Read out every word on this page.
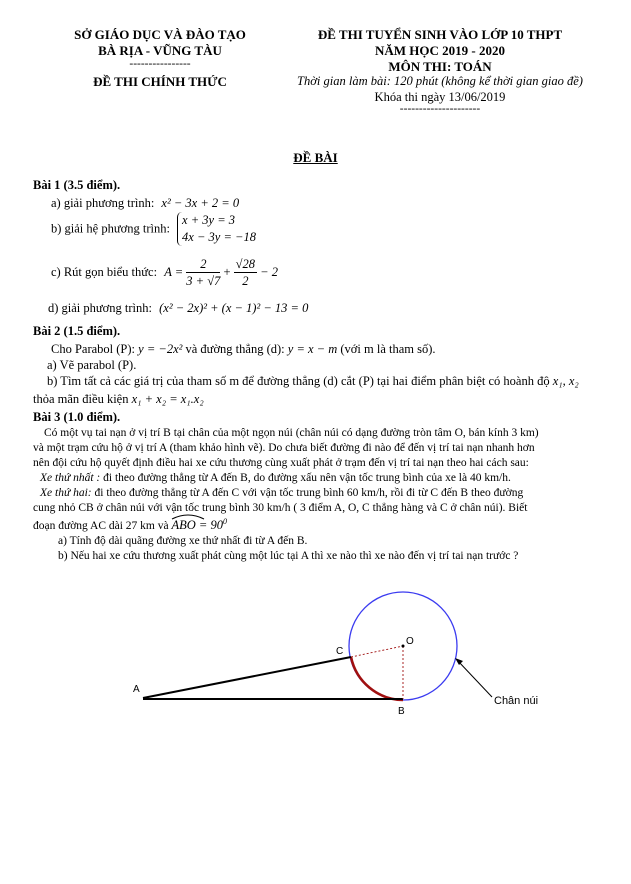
SỞ GIÁO DỤC VÀ ĐÀO TẠO
BÀ RỊA - VŨNG TÀU
----------------
ĐỀ THI CHÍNH THỨC
ĐỀ THI TUYỂN SINH VÀO LỚP 10 THPT
NĂM HỌC 2019 - 2020
MÔN THI: TOÁN
Thời gian làm bài: 120 phút (không kể thời gian giao đề)
Khóa thi ngày 13/06/2019
---------------------
ĐỀ BÀI
Bài 1 (3.5 điểm).
a) giải phương trình: x² − 3x + 2 = 0
b) giải hệ phương trình:
x + 3y = 3
4x − 3y = −18
c) Rút gọn biểu thức: $A = \frac{2}{3 + √7} + \frac{√28}{2} - 2$
d) giải phương trình: (x² − 2x)² + (x − 1)² − 13 = 0
Bài 2 (1.5 điểm).
Cho Parabol (P): y = −2x² và đường thẳng (d): y = x − m (với m là tham số).
a) Vẽ parabol (P).
b) Tìm tất cả các giá trị của tham số m để đường thẳng (d) cắt (P) tại hai điểm phân biệt có hoành độ x₁, x₂
thỏa mãn điều kiện x₁ + x₂ = x₁.x₂
Bài 3 (1.0 điểm).
Có một vụ tai nạn ở vị trí B tại chân của một ngọn núi (chân núi có dạng đường tròn tâm O, bán kính 3 km)
và một trạm cứu hộ ở vị trí A (tham khảo hình vẽ). Do chưa biết đường đi nào để đến vị trí tai nạn nhanh hơn
nên đội cứu hộ quyết định điều hai xe cứu thương cùng xuất phát ở trạm đến vị trí tai nạn theo hai cách sau:
Xe thứ nhất : đi theo đường thẳng từ A đến B, do đường xấu nên vận tốc trung bình của xe là 40 km/h.
Xe thứ hai: đi theo đường thẳng từ A đến C với vận tốc trung bình 60 km/h, rồi đi từ C đến B theo đường
cung nhỏ CB ở chân núi với vận tốc trung bình 30 km/h ( 3 điểm A, O, C thẳng hàng và C ở chân núi). Biết
đoạn đường AC dài 27 km và ABO = $90^0$
a) Tính độ dài quãng đường xe thứ nhất đi từ A đến B.
b) Nếu hai xe cứu thương xuất phát cùng một lúc tại A thì xe nào thì xe nào đến vị trí tai nạn trước ?
A
B
C
O
Chân núi
